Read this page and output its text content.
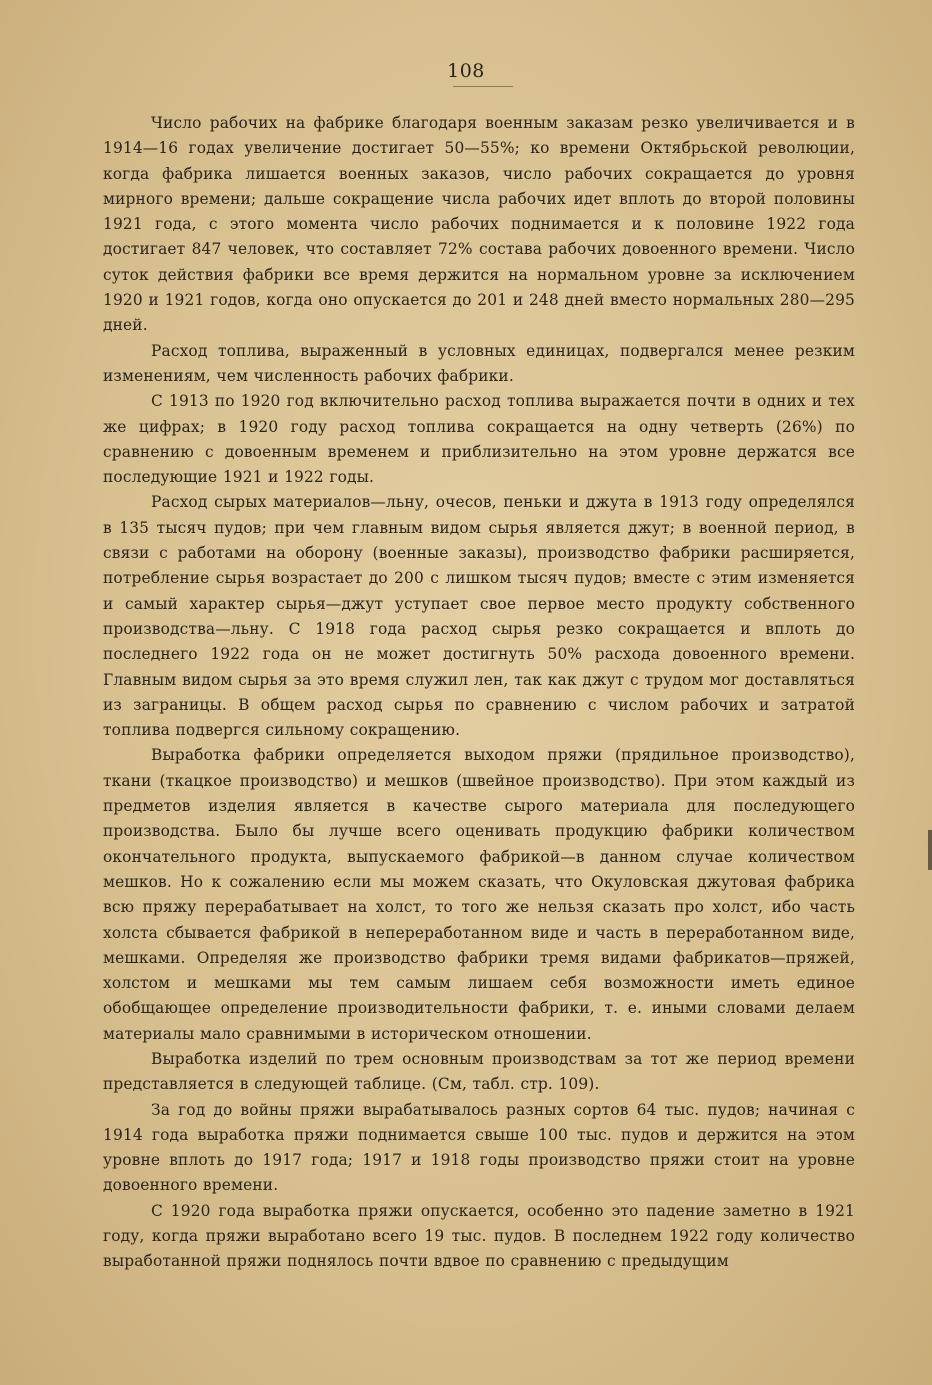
108

Число рабочих на фабрике благодаря военным заказам резко увеличивается и в 1914—16 годах увеличение достигает 50—55%; ко времени Октябрьской революции, когда фабрика лишается военных заказов, число рабочих сокращается до уровня мирного времени; дальше сокращение числа рабочих идет вплоть до второй половины 1921 года, с этого момента число рабочих поднимается и к половине 1922 года достигает 847 человек, что составляет 72% состава рабочих довоенного времени. Число суток действия фабрики все время держится на нормальном уровне за исключением 1920 и 1921 годов, когда оно опускается до 201 и 248 дней вместо нормальных 280—295 дней.

Расход топлива, выраженный в условных единицах, подвергался менее резким изменениям, чем численность рабочих фабрики.

С 1913 по 1920 год включительно расход топлива выражается почти в одних и тех же цифрах; в 1920 году расход топлива сокращается на одну четверть (26%) по сравнению с довоенным временем и приблизительно на этом уровне держатся все последующие 1921 и 1922 годы.

Расход сырых материалов—льну, очесов, пеньки и джута в 1913 году определялся в 135 тысяч пудов; при чем главным видом сырья является джут; в военной период, в связи с работами на оборону (военные заказы), производство фабрики расширяется, потребление сырья возрастает до 200 с лишком тысяч пудов; вместе с этим изменяется и самый характер сырья—джут уступает свое первое место продукту собственного производства—льну. С 1918 года расход сырья резко сокращается и вплоть до последнего 1922 года он не может достигнуть 50% расхода довоенного времени. Главным видом сырья за это время служил лен, так как джут с трудом мог доставляться из заграницы. В общем расход сырья по сравнению с числом рабочих и затратой топлива подвергся сильному сокращению.

Выработка фабрики определяется выходом пряжи (прядильное производство), ткани (ткацкое производство) и мешков (швейное производство). При этом каждый из предметов изделия является в качестве сырого материала для последующего производства. Было бы лучше всего оценивать продукцию фабрики количеством окончательного продукта, выпускаемого фабрикой—в данном случае количеством мешков. Но к сожалению если мы можем сказать, что Окуловская джутовая фабрика всю пряжу перерабатывает на холст, то того же нельзя сказать про холст, ибо часть холста сбывается фабрикой в непереработанном виде и часть в переработанном виде, мешками. Определяя же производство фабрики тремя видами фабрикатов—пряжей, холстом и мешками мы тем самым лишаем себя возможности иметь единое обобщающее определение производительности фабрики, т. е. иными словами делаем материалы мало сравнимыми в историческом отношении.

Выработка изделий по трем основным производствам за тот же период времени представляется в следующей таблице. (См, табл. стр. 109).

За год до войны пряжи вырабатывалось разных сортов 64 тыс. пудов; начиная с 1914 года выработка пряжи поднимается свыше 100 тыс. пудов и держится на этом уровне вплоть до 1917 года; 1917 и 1918 годы производство пряжи стоит на уровне довоенного времени.

С 1920 года выработка пряжи опускается, особенно это падение заметно в 1921 году, когда пряжи выработано всего 19 тыс. пудов. В последнем 1922 году количество выработанной пряжи поднялось почти вдвое по сравнению с предыдущим
